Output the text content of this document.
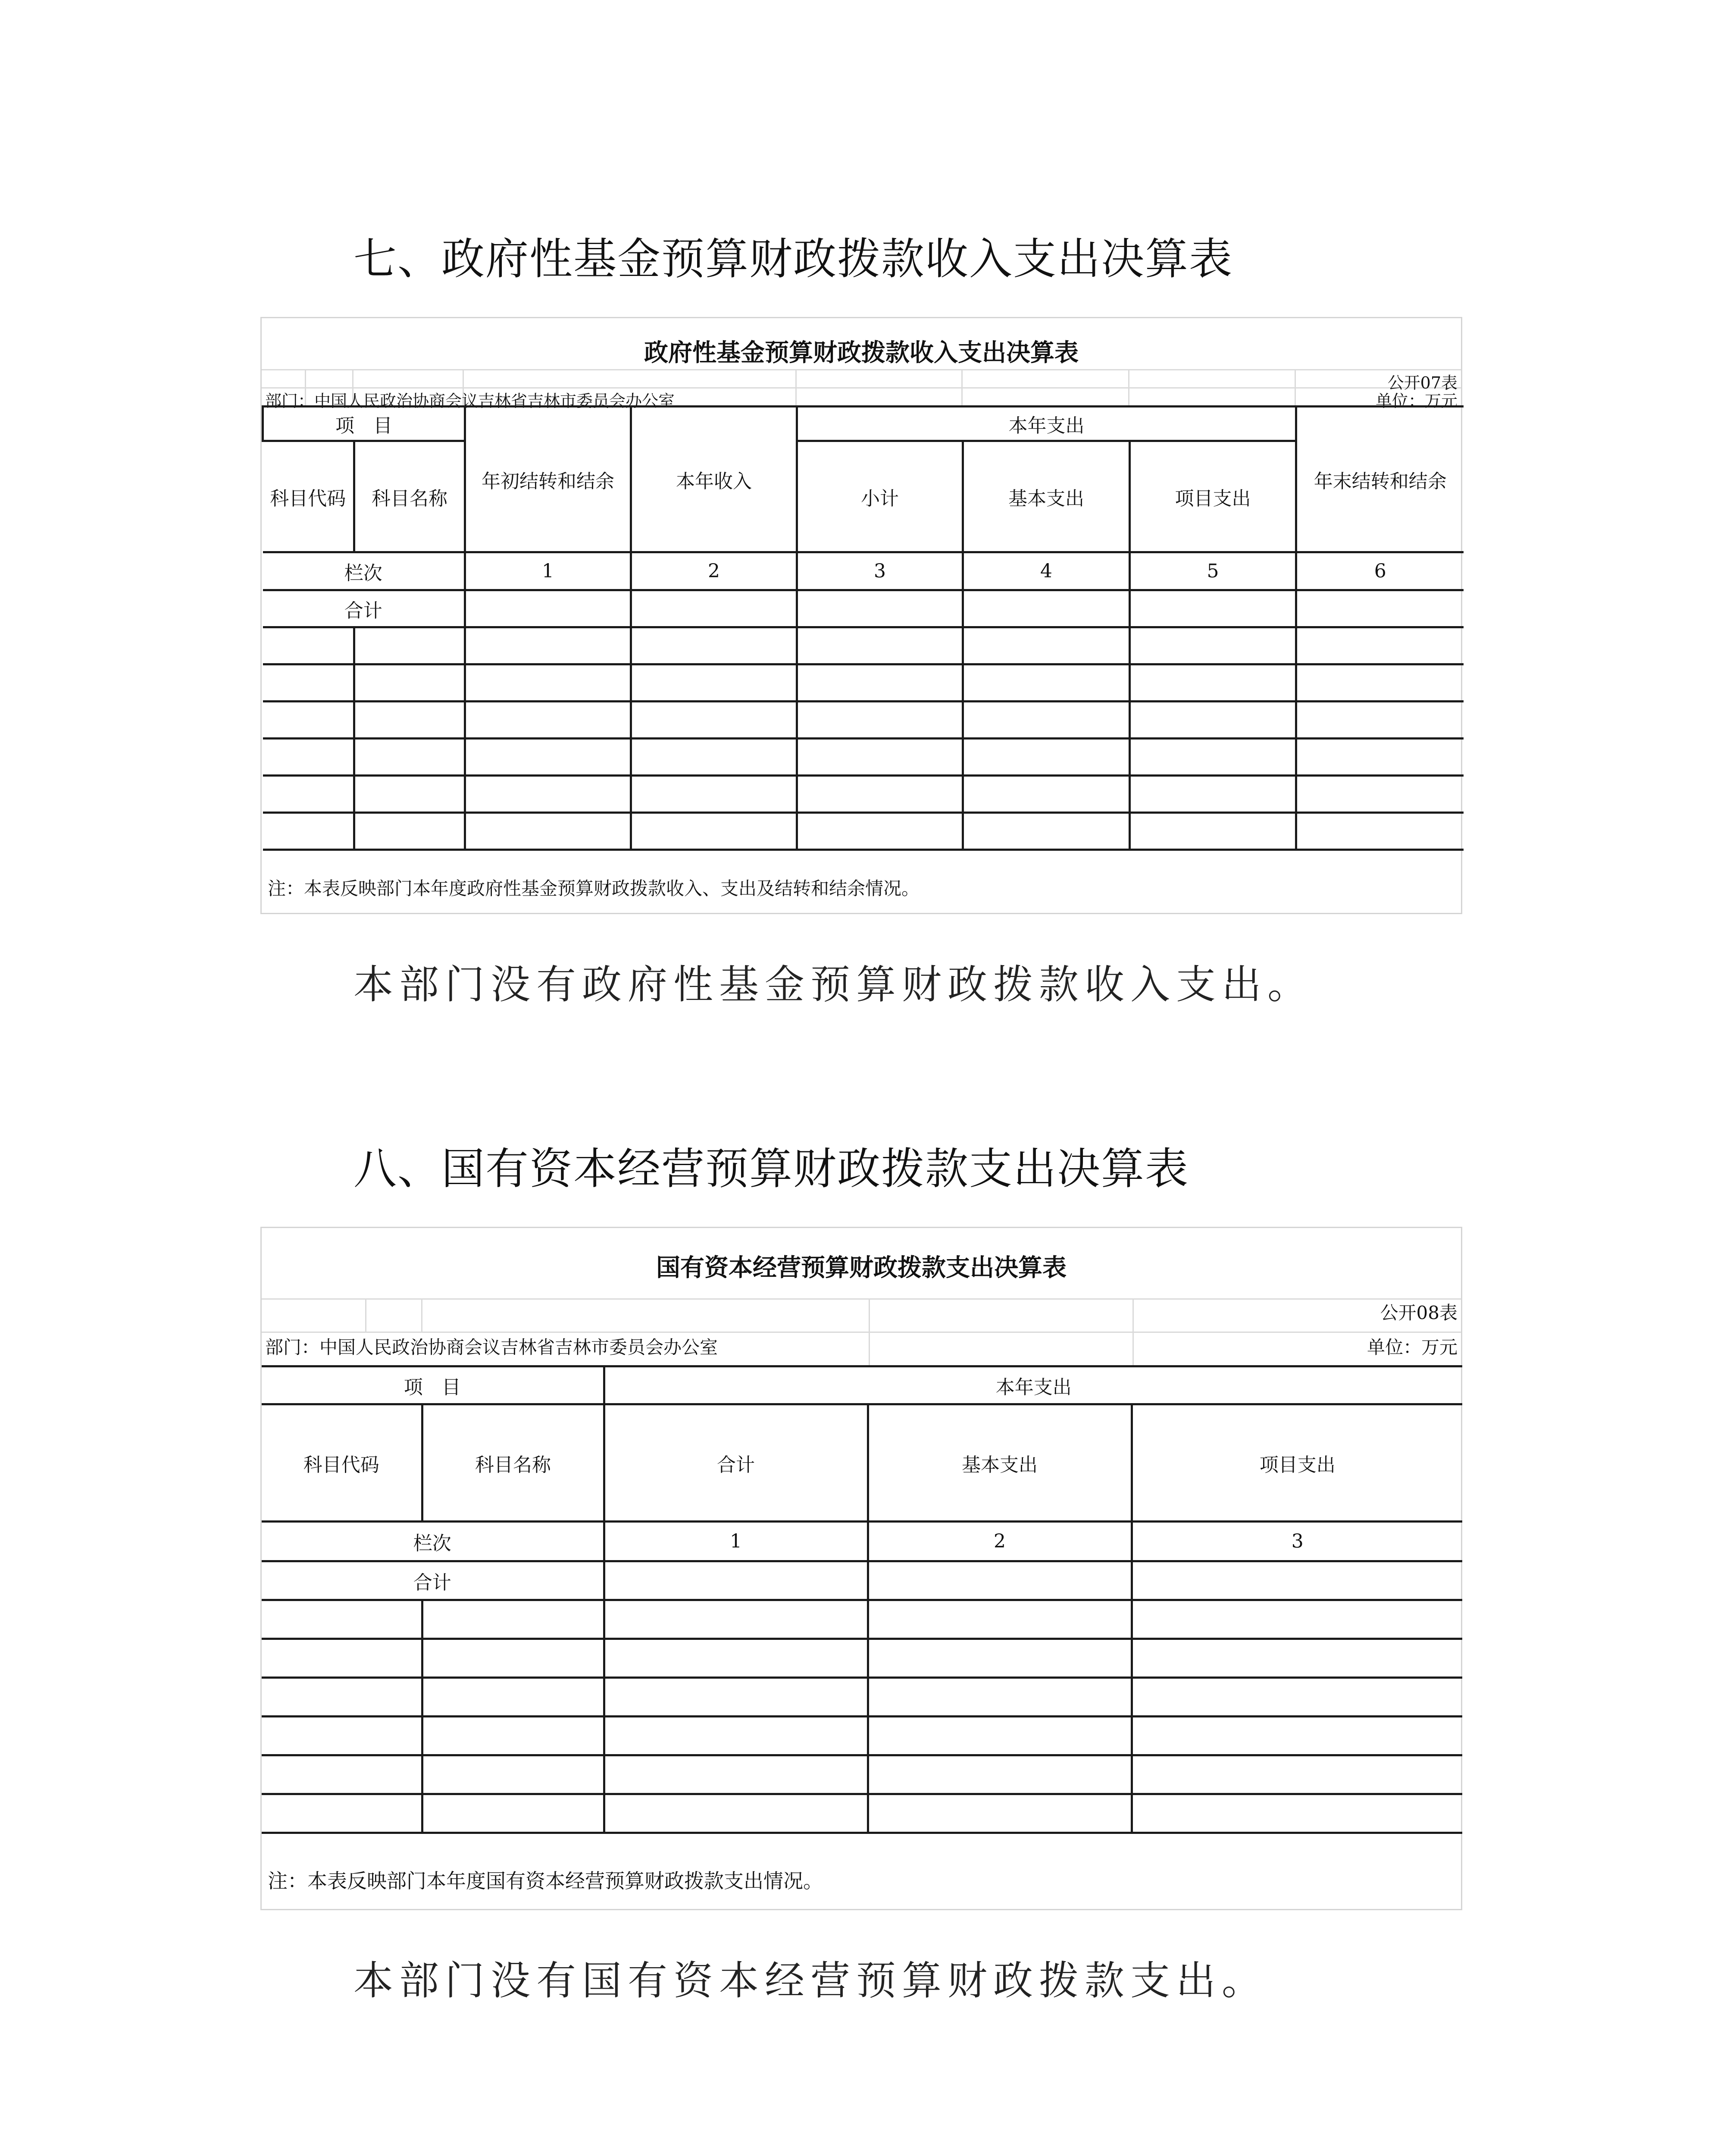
七、政府性基金预算财政拨款收入支出决算表
政府性基金预算财政拨款收入支出决算表
公开07表
部门：中国人民政治协商会议吉林省吉林市委员会办公室	单位：万元
项　目		年初结转和结余	本年收入	本年支出			年末结转和结余
科目代码	科目名称			小计	基本支出	项目支出	
栏次		1	2	3	4	5	6
合计							

注：本表反映部门本年度政府性基金预算财政拨款收入、支出及结转和结余情况。

本部门没有政府性基金预算财政拨款收入支出。

八、国有资本经营预算财政拨款支出决算表
国有资本经营预算财政拨款支出决算表
公开08表
部门：中国人民政治协商会议吉林省吉林市委员会办公室	单位：万元
项　目		本年支出		
科目代码	科目名称	合计	基本支出	项目支出
栏次		1	2	3
合计				

注：本表反映部门本年度国有资本经营预算财政拨款支出情况。

本部门没有国有资本经营预算财政拨款支出。
